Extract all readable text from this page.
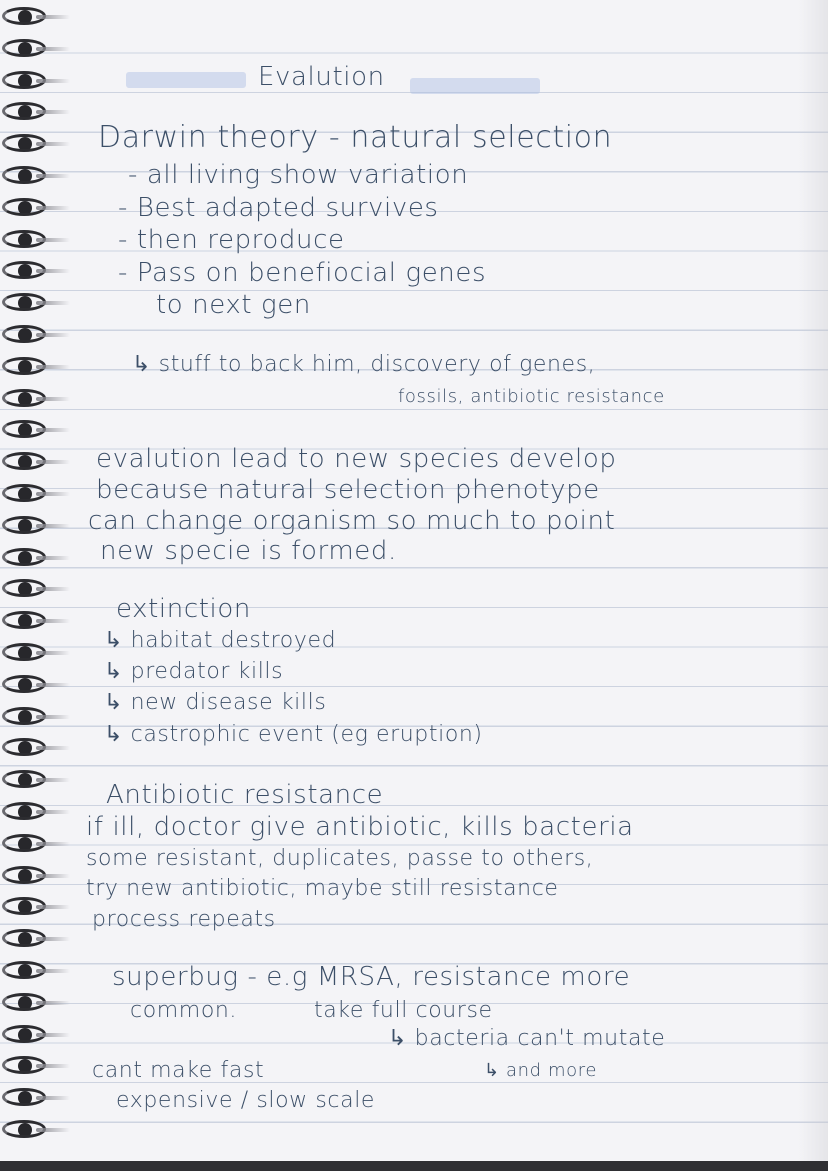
Evalution
Darwin theory - natural selection
- all living show variation
- Best adapted survives
- then reproduce
- Pass on benefiocial genes
to next gen
↳ stuff to back him, discovery of genes,
fossils, antibiotic resistance
evalution lead to new species develop
because natural selection phenotype
can change organism so much to point
new specie is formed.
extinction
↳ habitat destroyed
↳ predator kills
↳ new disease kills
↳ castrophic event (eg eruption)
Antibiotic resistance
if ill, doctor give antibiotic, kills bacteria
some resistant, duplicates, passe to others,
try new antibiotic, maybe still resistance
process repeats
superbug - e.g MRSA, resistance more
common.	take full course
↳ bacteria can't mutate
↳ and more
cant make fast
expensive / slow scale
